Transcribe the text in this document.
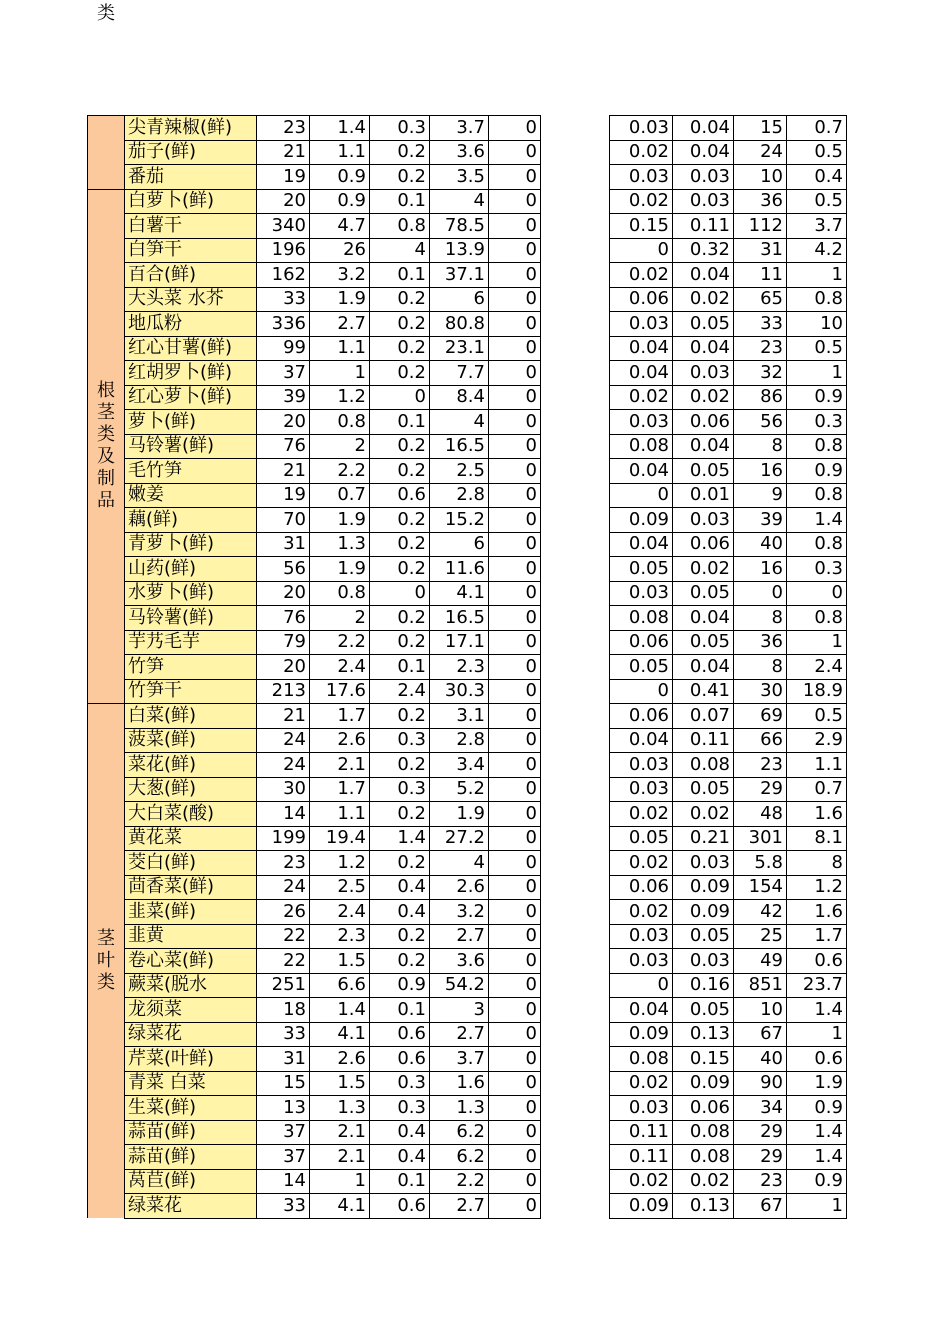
类
	尖青辣椒(鲜)	23	1.4	0.3	3.7	0		0.03	0.04	15	0.7
	茄子(鲜)	21	1.1	0.2	3.6	0		0.02	0.04	24	0.5
	番茄	19	0.9	0.2	3.5	0		0.03	0.03	10	0.4
根茎类及制品	白萝卜(鲜)	20	0.9	0.1	4	0		0.02	0.03	36	0.5
	白薯干	340	4.7	0.8	78.5	0		0.15	0.11	112	3.7
	白笋干	196	26	4	13.9	0		0	0.32	31	4.2
	百合(鲜)	162	3.2	0.1	37.1	0		0.02	0.04	11	1
	大头菜 水芥	33	1.9	0.2	6	0		0.06	0.02	65	0.8
	地瓜粉	336	2.7	0.2	80.8	0		0.03	0.05	33	10
	红心甘薯(鲜)	99	1.1	0.2	23.1	0		0.04	0.04	23	0.5
	红胡罗卜(鲜)	37	1	0.2	7.7	0		0.04	0.03	32	1
	红心萝卜(鲜)	39	1.2	0	8.4	0		0.02	0.02	86	0.9
	萝卜(鲜)	20	0.8	0.1	4	0		0.03	0.06	56	0.3
	马铃薯(鲜)	76	2	0.2	16.5	0		0.08	0.04	8	0.8
	毛竹笋	21	2.2	0.2	2.5	0		0.04	0.05	16	0.9
	嫩姜	19	0.7	0.6	2.8	0		0	0.01	9	0.8
	藕(鲜)	70	1.9	0.2	15.2	0		0.09	0.03	39	1.4
	青萝卜(鲜)	31	1.3	0.2	6	0		0.04	0.06	40	0.8
	山药(鲜)	56	1.9	0.2	11.6	0		0.05	0.02	16	0.3
	水萝卜(鲜)	20	0.8	0	4.1	0		0.03	0.05	0	0
	马铃薯(鲜)	76	2	0.2	16.5	0		0.08	0.04	8	0.8
	芋艿毛芋	79	2.2	0.2	17.1	0		0.06	0.05	36	1
	竹笋	20	2.4	0.1	2.3	0		0.05	0.04	8	2.4
	竹笋干	213	17.6	2.4	30.3	0		0	0.41	30	18.9
茎叶类	白菜(鲜)	21	1.7	0.2	3.1	0		0.06	0.07	69	0.5
	菠菜(鲜)	24	2.6	0.3	2.8	0		0.04	0.11	66	2.9
	菜花(鲜)	24	2.1	0.2	3.4	0		0.03	0.08	23	1.1
	大葱(鲜)	30	1.7	0.3	5.2	0		0.03	0.05	29	0.7
	大白菜(酸)	14	1.1	0.2	1.9	0		0.02	0.02	48	1.6
	黄花菜	199	19.4	1.4	27.2	0		0.05	0.21	301	8.1
	茭白(鲜)	23	1.2	0.2	4	0		0.02	0.03	5.8	8
	茴香菜(鲜)	24	2.5	0.4	2.6	0		0.06	0.09	154	1.2
	韭菜(鲜)	26	2.4	0.4	3.2	0		0.02	0.09	42	1.6
	韭黄	22	2.3	0.2	2.7	0		0.03	0.05	25	1.7
	卷心菜(鲜)	22	1.5	0.2	3.6	0		0.03	0.03	49	0.6
	蕨菜(脱水	251	6.6	0.9	54.2	0		0	0.16	851	23.7
	龙须菜	18	1.4	0.1	3	0		0.04	0.05	10	1.4
	绿菜花	33	4.1	0.6	2.7	0		0.09	0.13	67	1
	芹菜(叶鲜)	31	2.6	0.6	3.7	0		0.08	0.15	40	0.6
	青菜 白菜	15	1.5	0.3	1.6	0		0.02	0.09	90	1.9
	生菜(鲜)	13	1.3	0.3	1.3	0		0.03	0.06	34	0.9
	蒜苗(鲜)	37	2.1	0.4	6.2	0		0.11	0.08	29	1.4
	蒜苗(鲜)	37	2.1	0.4	6.2	0		0.11	0.08	29	1.4
	莴苣(鲜)	14	1	0.1	2.2	0		0.02	0.02	23	0.9
	绿菜花	33	4.1	0.6	2.7	0		0.09	0.13	67	1
